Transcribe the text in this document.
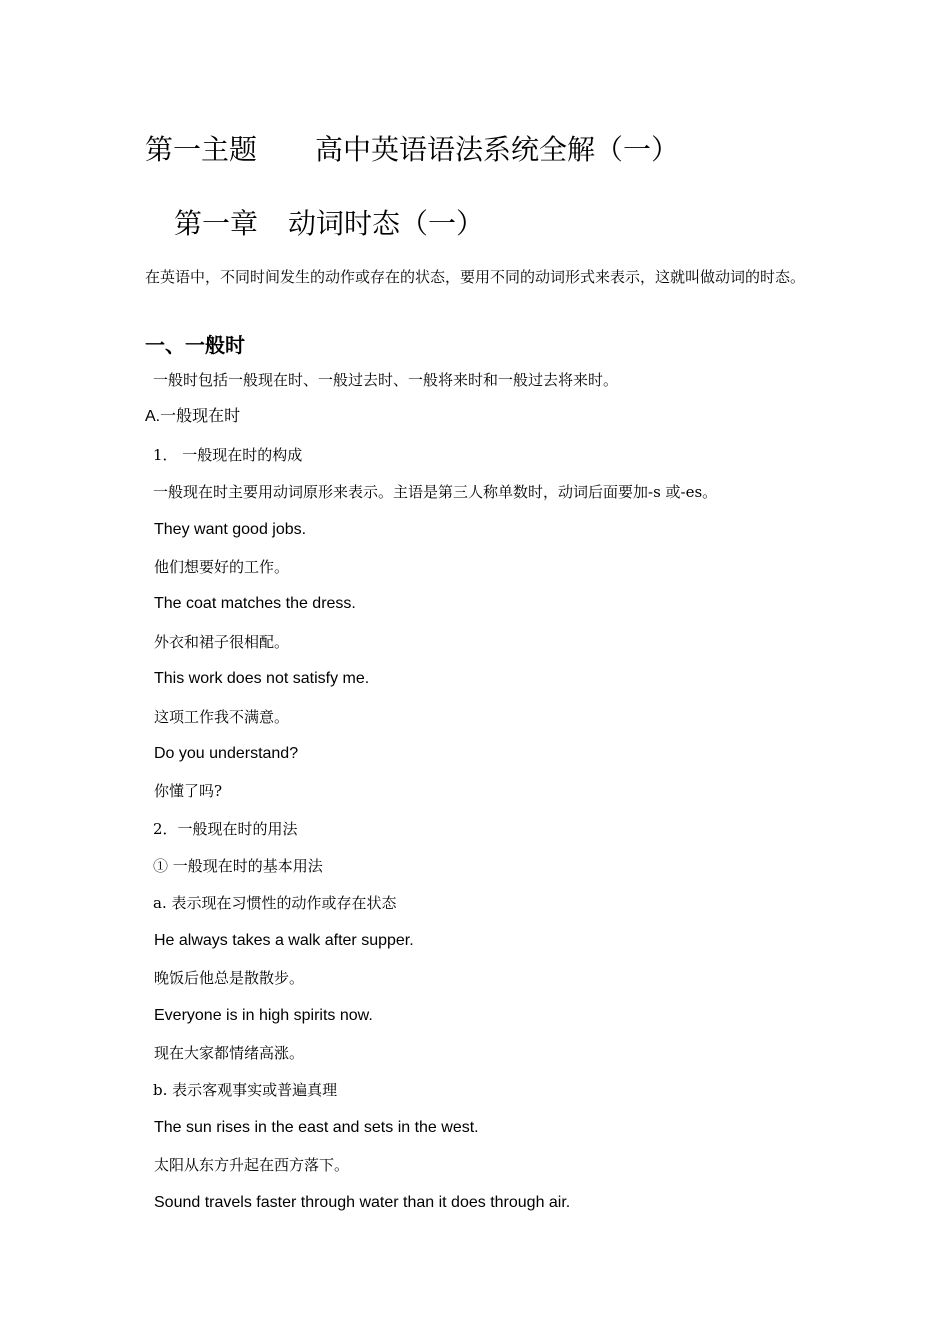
第一主题 高中英语语法系统全解（一）
第一章 动词时态（一）
在英语中，不同时间发生的动作或存在的状态，要用不同的动词形式来表示，这就叫做动词的时态。
一、一般时
一般时包括一般现在时、一般过去时、一般将来时和一般过去将来时。
A.一般现在时
1． 一般现在时的构成
一般现在时主要用动词原形来表示。主语是第三人称单数时，动词后面要加-s 或-es。
They want good jobs.
他们想要好的工作。
The coat matches the dress.
外衣和裙子很相配。
This work does not satisfy me.
这项工作我不满意。
Do you understand?
你懂了吗?
2．一般现在时的用法
① 一般现在时的基本用法
a. 表示现在习惯性的动作或存在状态
He always takes a walk after supper.
晚饭后他总是散散步。
Everyone is in high spirits now.
现在大家都情绪高涨。
b. 表示客观事实或普遍真理
The sun rises in the east and sets in the west.
太阳从东方升起在西方落下。
Sound travels faster through water than it does through air.
